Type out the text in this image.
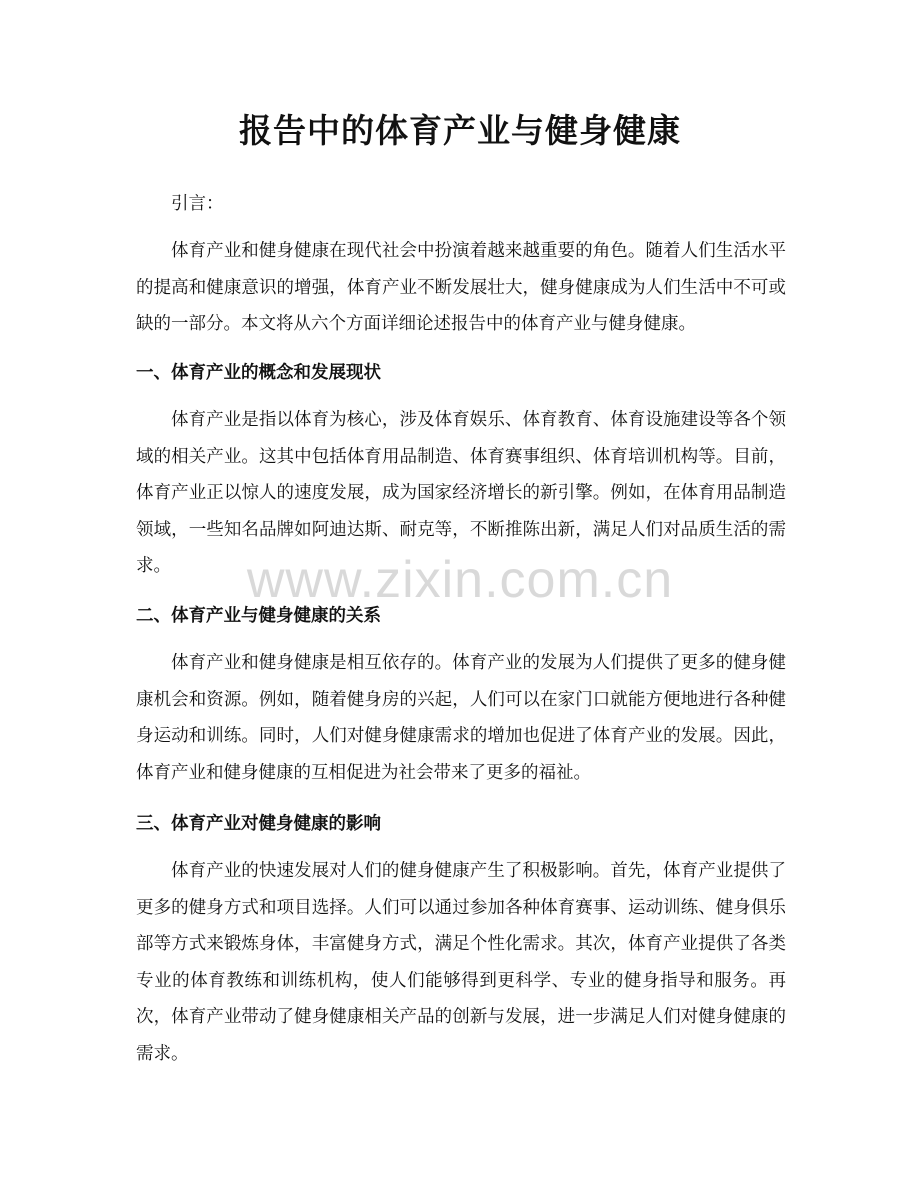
报告中的体育产业与健身健康

引言：

体育产业和健身健康在现代社会中扮演着越来越重要的角色。随着人们生活水平的提高和健康意识的增强，体育产业不断发展壮大，健身健康成为人们生活中不可或缺的一部分。本文将从六个方面详细论述报告中的体育产业与健身健康。

一、体育产业的概念和发展现状

体育产业是指以体育为核心，涉及体育娱乐、体育教育、体育设施建设等各个领域的相关产业。这其中包括体育用品制造、体育赛事组织、体育培训机构等。目前，体育产业正以惊人的速度发展，成为国家经济增长的新引擎。例如，在体育用品制造领域，一些知名品牌如阿迪达斯、耐克等，不断推陈出新，满足人们对品质生活的需求。

二、体育产业与健身健康的关系

体育产业和健身健康是相互依存的。体育产业的发展为人们提供了更多的健身健康机会和资源。例如，随着健身房的兴起，人们可以在家门口就能方便地进行各种健身运动和训练。同时，人们对健身健康需求的增加也促进了体育产业的发展。因此，体育产业和健身健康的互相促进为社会带来了更多的福祉。

三、体育产业对健身健康的影响

体育产业的快速发展对人们的健身健康产生了积极影响。首先，体育产业提供了更多的健身方式和项目选择。人们可以通过参加各种体育赛事、运动训练、健身俱乐部等方式来锻炼身体，丰富健身方式，满足个性化需求。其次，体育产业提供了各类专业的体育教练和训练机构，使人们能够得到更科学、专业的健身指导和服务。再次，体育产业带动了健身健康相关产品的创新与发展，进一步满足人们对健身健康的需求。

www.zixin.com.cn
